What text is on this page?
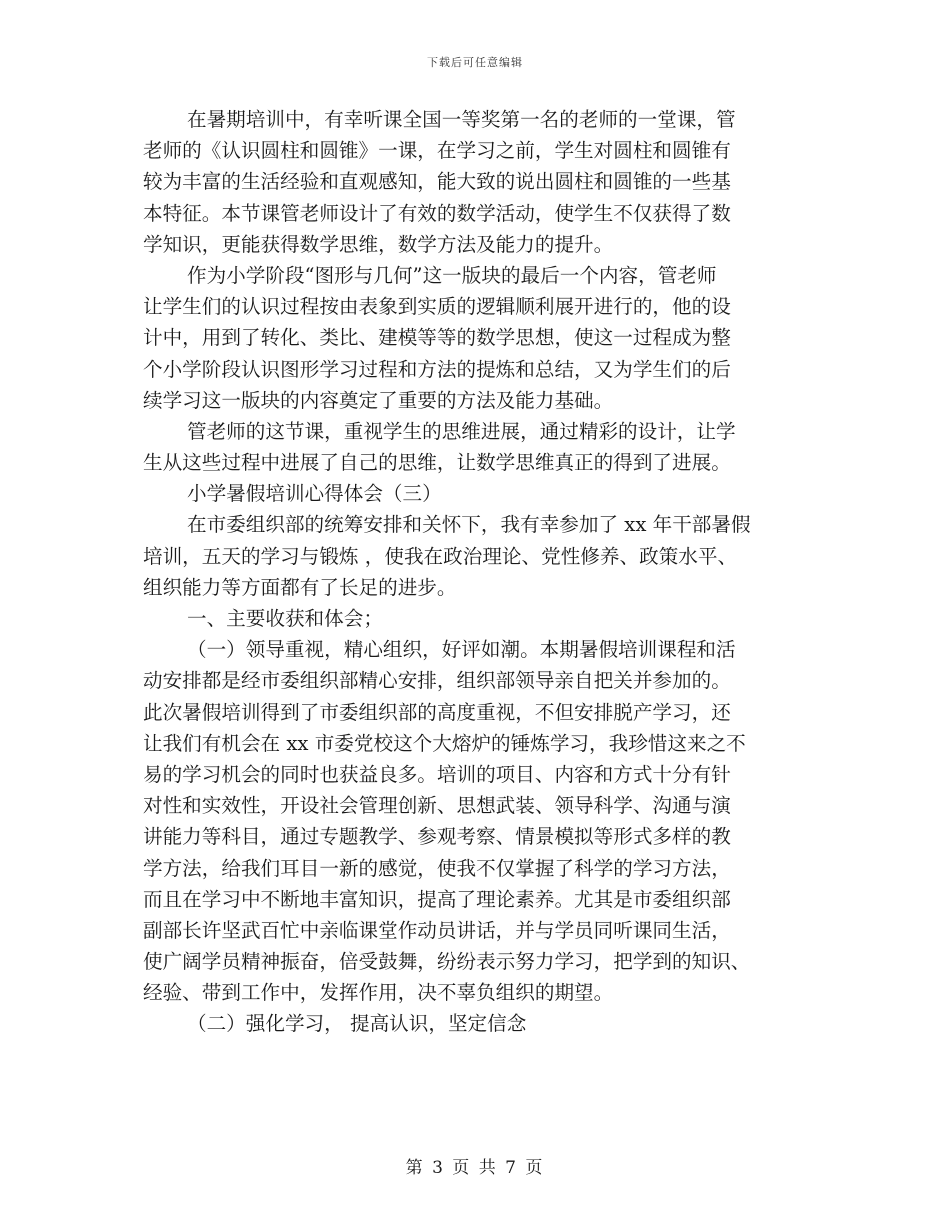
下载后可任意编辑
在暑期培训中，有幸听课全国一等奖第一名的老师的一堂课，管
老师的《认识圆柱和圆锥》一课，在学习之前，学生对圆柱和圆锥有
较为丰富的生活经验和直观感知，能大致的说出圆柱和圆锥的一些基
本特征。本节课管老师设计了有效的数学活动，使学生不仅获得了数
学知识，更能获得数学思维，数学方法及能力的提升。
作为小学阶段“图形与几何”这一版块的最后一个内容，管老师
让学生们的认识过程按由表象到实质的逻辑顺利展开进行的，他的设
计中，用到了转化、类比、建模等等的数学思想，使这一过程成为整
个小学阶段认识图形学习过程和方法的提炼和总结，又为学生们的后
续学习这一版块的内容奠定了重要的方法及能力基础。
管老师的这节课，重视学生的思维进展，通过精彩的设计，让学
生从这些过程中进展了自己的思维，让数学思维真正的得到了进展。
小学暑假培训心得体会（三）
在市委组织部的统筹安排和关怀下，我有幸参加了 xx 年干部暑假
培训，五天的学习与锻炼 ，使我在政治理论、党性修养、政策水平、
组织能力等方面都有了长足的进步。
一、主要收获和体会；
（一）领导重视，精心组织，好评如潮。本期暑假培训课程和活
动安排都是经市委组织部精心安排，组织部领导亲自把关并参加的。
此次暑假培训得到了市委组织部的高度重视，不但安排脱产学习，还
让我们有机会在 xx 市委党校这个大熔炉的锤炼学习，我珍惜这来之不
易的学习机会的同时也获益良多。培训的项目、内容和方式十分有针
对性和实效性，开设社会管理创新、思想武装、领导科学、沟通与演
讲能力等科目，通过专题教学、参观考察、情景模拟等形式多样的教
学方法，给我们耳目一新的感觉，使我不仅掌握了科学的学习方法，
而且在学习中不断地丰富知识，提高了理论素养。尤其是市委组织部
副部长许坚武百忙中亲临课堂作动员讲话，并与学员同听课同生活，
使广阔学员精神振奋，倍受鼓舞，纷纷表示努力学习，把学到的知识、
经验、带到工作中，发挥作用，决不辜负组织的期望。
（二）强化学习， 提高认识，坚定信念
第 3 页 共 7 页
